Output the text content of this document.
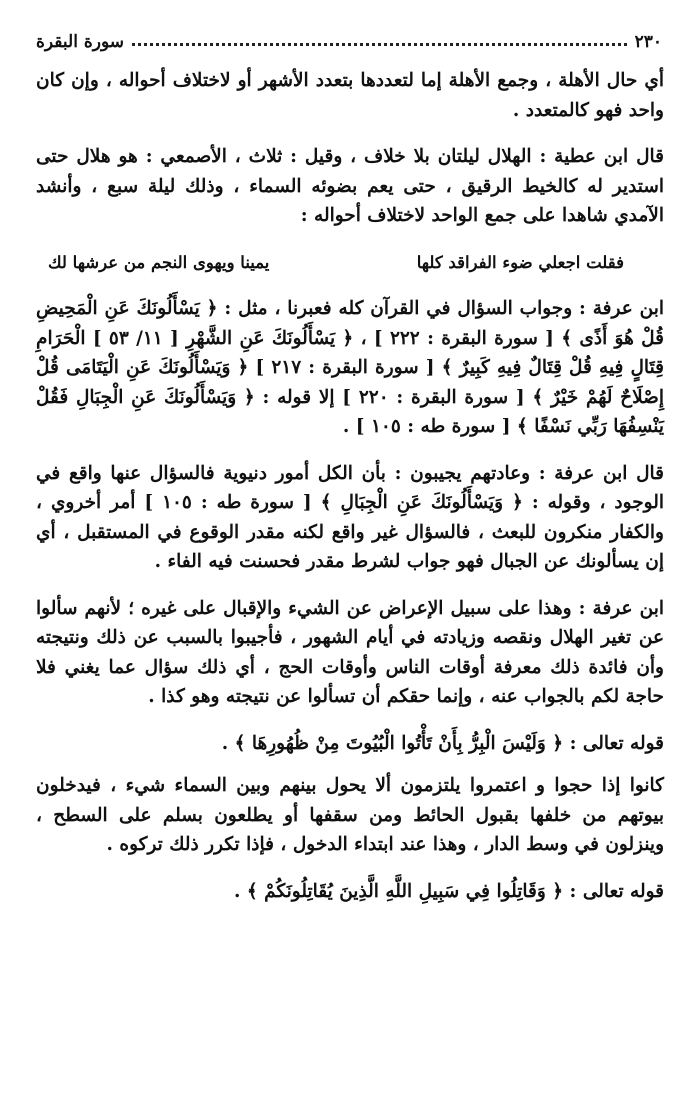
٢٣٠
سورة البقرة

أي حال الأهلة ، وجمع الأهلة إما لتعددها بتعدد الأشهر أو لاختلاف أحواله ، وإن كان واحد فهو كالمتعدد .

قال ابن عطية : الهلال ليلتان بلا خلاف ، وقيل : ثلاث ، الأصمعي : هو هلال حتى استدير له كالخيط الرقيق ، حتى يعم بضوئه السماء ، وذلك ليلة سبع ، وأنشد الآمدي شاهدا على جمع الواحد لاختلاف أحواله :

فقلت اجعلي ضوء الفراقد كلها
يمينا ويهوى النجم من عرشها لك

ابن عرفة : وجواب السؤال في القرآن كله فعبرنا ، مثل : ﴿ يَسْأَلُونَكَ عَنِ الْمَحِيضِ قُلْ هُوَ أَذًى ﴾ [ سورة البقرة : ٢٢٢ ] ، ﴿ يَسْأَلُونَكَ عَنِ الشَّهْرِ [ ١١/ ٥٣ ] الْحَرَامِ قِتَالٍ فِيهِ قُلْ قِتَالٌ فِيهِ كَبِيرٌ ﴾ [ سورة البقرة : ٢١٧ ] ﴿ وَيَسْأَلُونَكَ عَنِ الْيَتَامَى قُلْ إِصْلَاحٌ لَهُمْ خَيْرٌ ﴾ [ سورة البقرة : ٢٢٠ ] إلا قوله : ﴿ وَيَسْأَلُونَكَ عَنِ الْجِبَالِ فَقُلْ يَنْسِفُهَا رَبِّي نَسْفًا ﴾ [ سورة طه : ١٠٥ ] .

قال ابن عرفة : وعادتهم يجيبون : بأن الكل أمور دنيوية فالسؤال عنها واقع في الوجود ، وقوله : ﴿ وَيَسْأَلُونَكَ عَنِ الْجِبَالِ ﴾ [ سورة طه : ١٠٥ ] أمر أخروي ، والكفار منكرون للبعث ، فالسؤال غير واقع لكنه مقدر الوقوع في المستقبل ، أي إن يسألونك عن الجبال فهو جواب لشرط مقدر فحسنت فيه الفاء .

ابن عرفة : وهذا على سبيل الإعراض عن الشيء والإقبال على غيره ؛ لأنهم سألوا عن تغير الهلال ونقصه وزيادته في أيام الشهور ، فأجيبوا بالسبب عن ذلك ونتيجته وأن فائدة ذلك معرفة أوقات الناس وأوقات الحج ، أي ذلك سؤال عما يغني فلا حاجة لكم بالجواب عنه ، وإنما حقكم أن تسألوا عن نتيجته وهو كذا .

قوله تعالى : ﴿ وَلَيْسَ الْبِرُّ بِأَنْ تَأْتُوا الْبُيُوتَ مِنْ ظُهُورِهَا ﴾ .

كانوا إذا حجوا و اعتمروا يلتزمون ألا يحول بينهم وبين السماء شيء ، فيدخلون بيوتهم من خلفها بقبول الحائط ومن سقفها أو يطلعون بسلم على السطح ، وينزلون في وسط الدار ، وهذا عند ابتداء الدخول ، فإذا تكرر ذلك تركوه .

قوله تعالى : ﴿ وَقَاتِلُوا فِي سَبِيلِ اللَّهِ الَّذِينَ يُقَاتِلُونَكُمْ ﴾ .
